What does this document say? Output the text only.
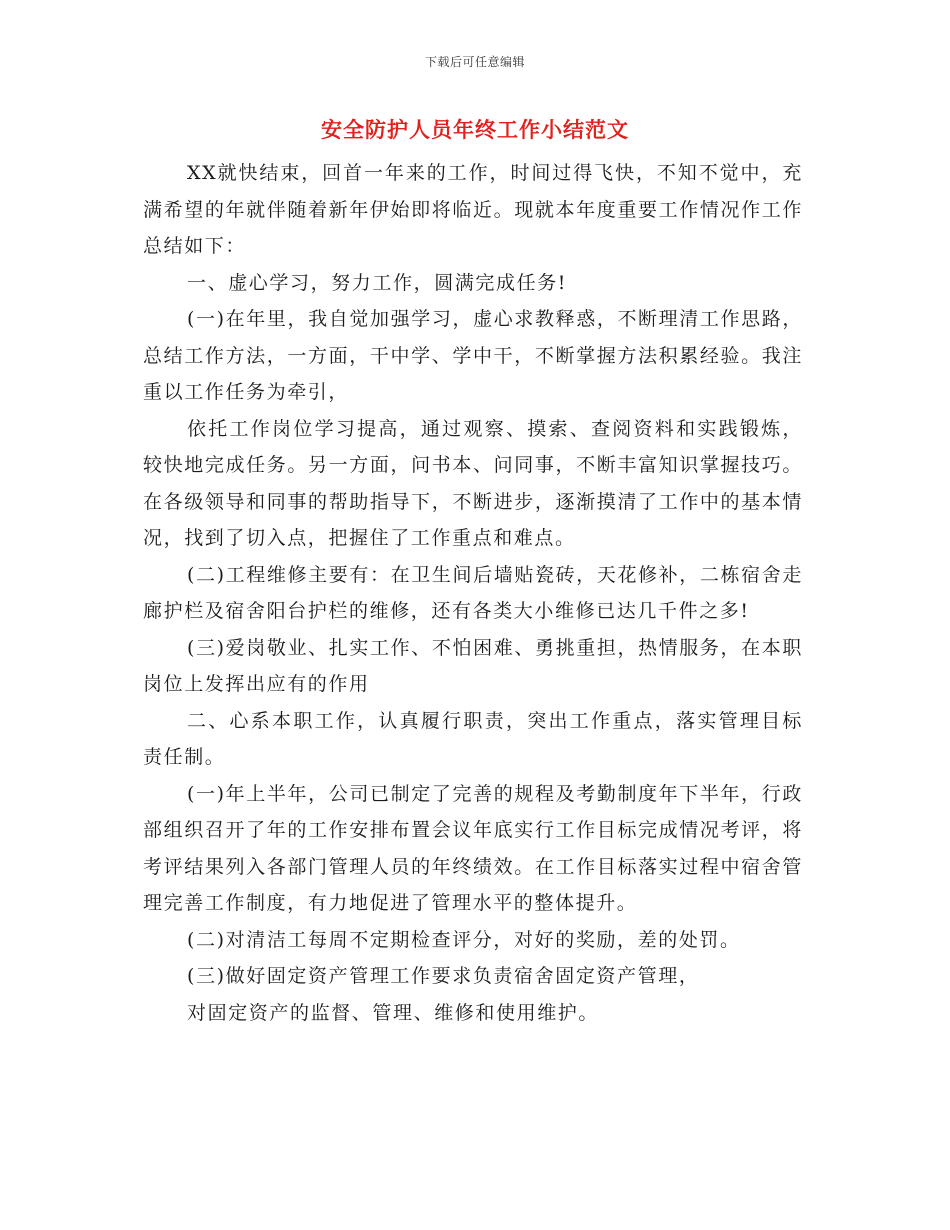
下载后可任意编辑
安全防护人员年终工作小结范文

XX就快结束，回首一年来的工作，时间过得飞快，不知不觉中，充满希望的年就伴随着新年伊始即将临近。现就本年度重要工作情况作工作总结如下：

一、虚心学习，努力工作，圆满完成任务!

(一)在年里，我自觉加强学习，虚心求教释惑，不断理清工作思路，总结工作方法，一方面，干中学、学中干，不断掌握方法积累经验。我注重以工作任务为牵引，

依托工作岗位学习提高，通过观察、摸索、查阅资料和实践锻炼，较快地完成任务。另一方面，问书本、问同事，不断丰富知识掌握技巧。在各级领导和同事的帮助指导下，不断进步，逐渐摸清了工作中的基本情况，找到了切入点，把握住了工作重点和难点。

(二)工程维修主要有：在卫生间后墙贴瓷砖，天花修补，二栋宿舍走廊护栏及宿舍阳台护栏的维修，还有各类大小维修已达几千件之多!

(三)爱岗敬业、扎实工作、不怕困难、勇挑重担，热情服务，在本职岗位上发挥出应有的作用

二、心系本职工作，认真履行职责，突出工作重点，落实管理目标责任制。

(一)年上半年，公司已制定了完善的规程及考勤制度年下半年，行政部组织召开了年的工作安排布置会议年底实行工作目标完成情况考评，将考评结果列入各部门管理人员的年终绩效。在工作目标落实过程中宿舍管理完善工作制度，有力地促进了管理水平的整体提升。

(二)对清洁工每周不定期检查评分，对好的奖励，差的处罚。

(三)做好固定资产管理工作要求负责宿舍固定资产管理，

对固定资产的监督、管理、维修和使用维护。
